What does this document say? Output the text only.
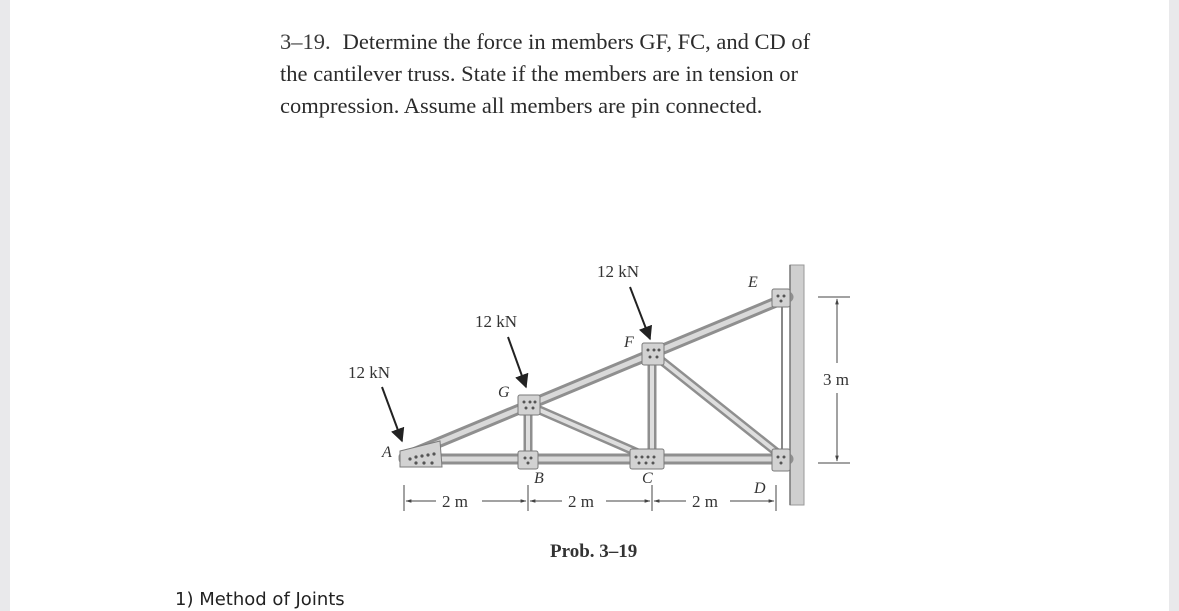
3–19. Determine the force in members GF, FC, and CD of
the cantilever truss. State if the members are in tension or
compression. Assume all members are pin connected.
12 kN
12 kN
12 kN
A
B	C
D
E
F
G
2 m	2 m	2 m
3 m
Prob. 3–19
1) Method of Joints
